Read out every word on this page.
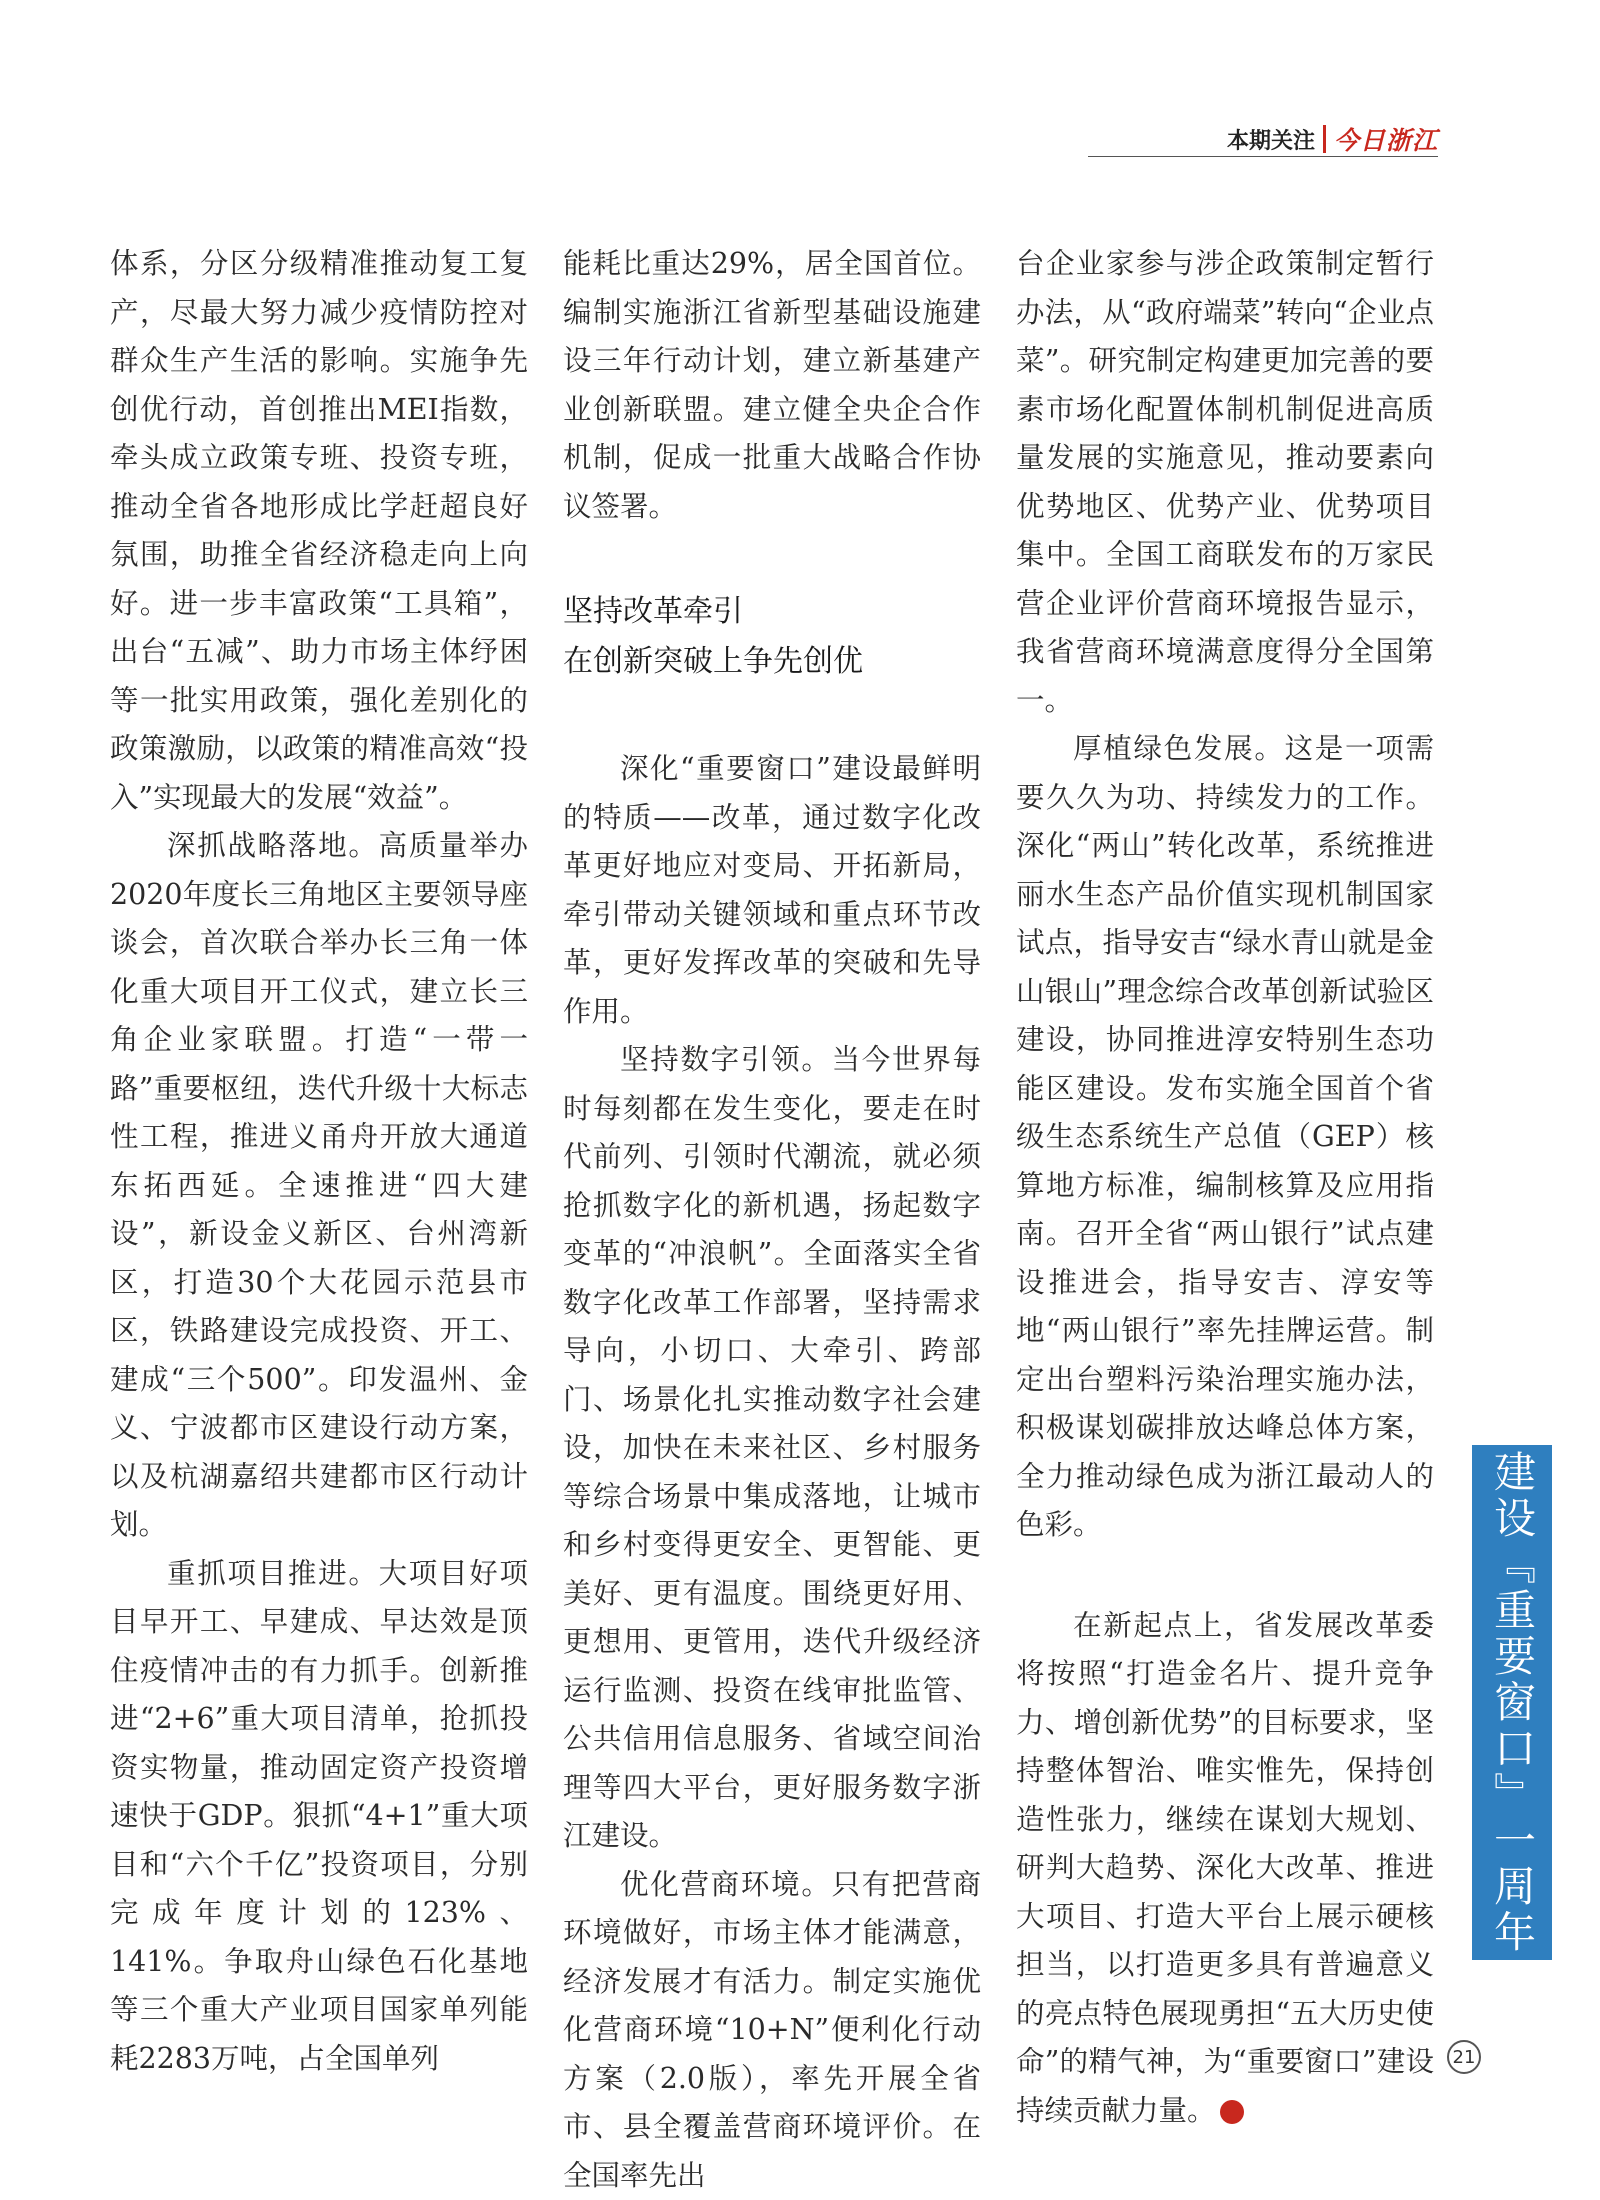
本期关注 今日浙江

体系，分区分级精准推动复工复产，尽最大努力减少疫情防控对群众生产生活的影响。实施争先创优行动，首创推出MEI指数，牵头成立政策专班、投资专班，推动全省各地形成比学赶超良好氛围，助推全省经济稳走向上向好。进一步丰富政策“工具箱”，出台“五减”、助力市场主体纾困等一批实用政策，强化差别化的政策激励，以政策的精准高效“投入”实现最大的发展“效益”。

深抓战略落地。高质量举办2020年度长三角地区主要领导座谈会，首次联合举办长三角一体化重大项目开工仪式，建立长三角企业家联盟。打造“一带一路”重要枢纽，迭代升级十大标志性工程，推进义甬舟开放大通道东拓西延。全速推进“四大建设”，新设金义新区、台州湾新区，打造30个大花园示范县市区，铁路建设完成投资、开工、建成“三个500”。印发温州、金义、宁波都市区建设行动方案，以及杭湖嘉绍共建都市区行动计划。

重抓项目推进。大项目好项目早开工、早建成、早达效是顶住疫情冲击的有力抓手。创新推进“2+6”重大项目清单，抢抓投资实物量，推动固定资产投资增速快于GDP。狠抓“4+1”重大项目和“六个千亿”投资项目，分别完成年度计划的123%、141%。争取舟山绿色石化基地等三个重大产业项目国家单列能耗2283万吨，占全国单列

能耗比重达29%，居全国首位。编制实施浙江省新型基础设施建设三年行动计划，建立新基建产业创新联盟。建立健全央企合作机制，促成一批重大战略合作协议签署。

坚持改革牵引
在创新突破上争先创优

深化“重要窗口”建设最鲜明的特质——改革，通过数字化改革更好地应对变局、开拓新局，牵引带动关键领域和重点环节改革，更好发挥改革的突破和先导作用。

坚持数字引领。当今世界每时每刻都在发生变化，要走在时代前列、引领时代潮流，就必须抢抓数字化的新机遇，扬起数字变革的“冲浪帆”。全面落实全省数字化改革工作部署，坚持需求导向，小切口、大牵引、跨部门、场景化扎实推动数字社会建设，加快在未来社区、乡村服务等综合场景中集成落地，让城市和乡村变得更安全、更智能、更美好、更有温度。围绕更好用、更想用、更管用，迭代升级经济运行监测、投资在线审批监管、公共信用信息服务、省域空间治理等四大平台，更好服务数字浙江建设。

优化营商环境。只有把营商环境做好，市场主体才能满意，经济发展才有活力。制定实施优化营商环境“10+N”便利化行动方案（2.0版），率先开展全省市、县全覆盖营商环境评价。在全国率先出

台企业家参与涉企政策制定暂行办法，从“政府端菜”转向“企业点菜”。研究制定构建更加完善的要素市场化配置体制机制促进高质量发展的实施意见，推动要素向优势地区、优势产业、优势项目集中。全国工商联发布的万家民营企业评价营商环境报告显示，我省营商环境满意度得分全国第一。

厚植绿色发展。这是一项需要久久为功、持续发力的工作。深化“两山”转化改革，系统推进丽水生态产品价值实现机制国家试点，指导安吉“绿水青山就是金山银山”理念综合改革创新试验区建设，协同推进淳安特别生态功能区建设。发布实施全国首个省级生态系统生产总值（GEP）核算地方标准，编制核算及应用指南。召开全省“两山银行”试点建设推进会，指导安吉、淳安等地“两山银行”率先挂牌运营。制定出台塑料污染治理实施办法，积极谋划碳排放达峰总体方案，全力推动绿色成为浙江最动人的色彩。

在新起点上，省发展改革委将按照“打造金名片、提升竞争力、增创新优势”的目标要求，坚持整体智治、唯实惟先，保持创造性张力，继续在谋划大规划、研判大趋势、深化大改革、推进大项目、打造大平台上展示硬核担当，以打造更多具有普遍意义的亮点特色展现勇担“五大历史使命”的精气神，为“重要窗口”建设持续贡献力量。

建设『重要窗口』一周年
21
